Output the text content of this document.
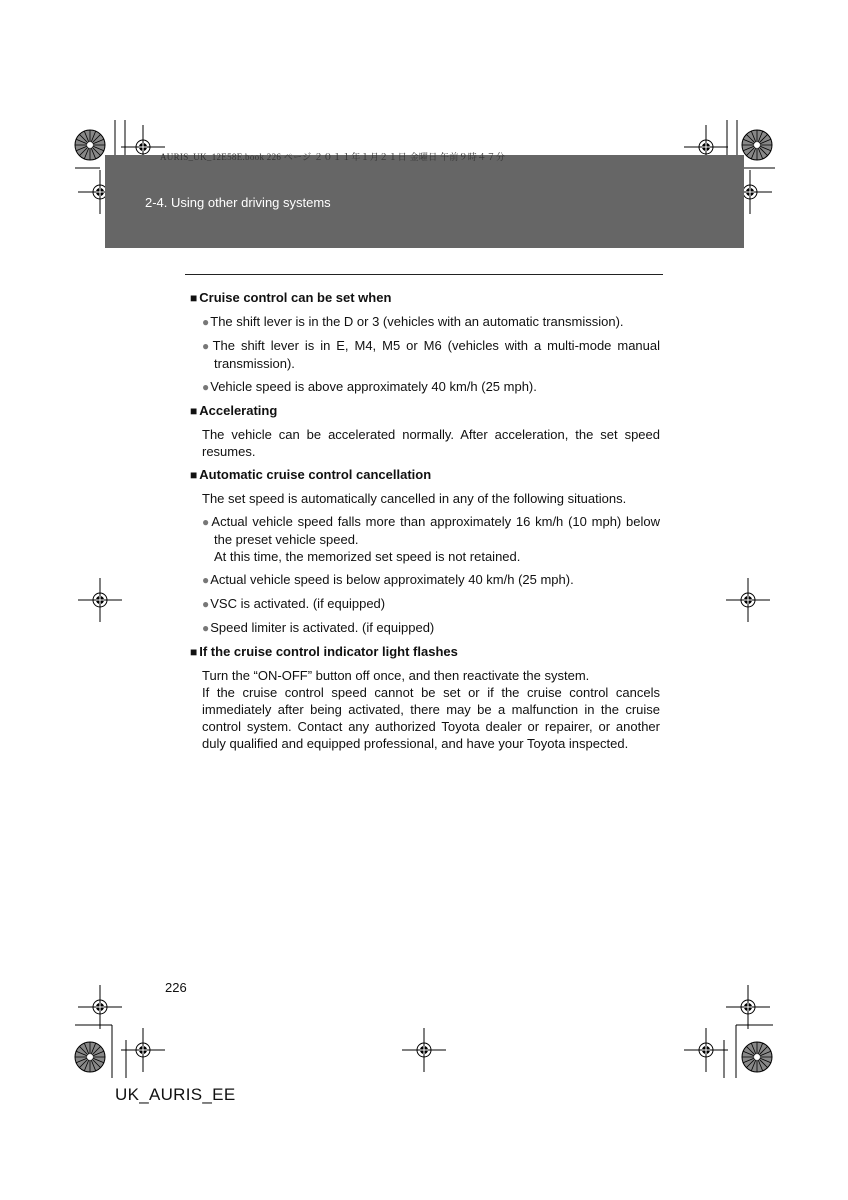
AURIS_UK_12E58E.book 226 ページ ２０１１年１月２１日 金曜日 午前９時４７分
2-4. Using other driving systems
■ Cruise control can be set when
●The shift lever is in the D or 3 (vehicles with an automatic transmission).
●The shift lever is in E, M4, M5 or M6 (vehicles with a multi-mode manual transmission).
●Vehicle speed is above approximately 40 km/h (25 mph).
■ Accelerating
The vehicle can be accelerated normally. After acceleration, the set speed resumes.
■ Automatic cruise control cancellation
The set speed is automatically cancelled in any of the following situations.
●Actual vehicle speed falls more than approximately 16 km/h (10 mph) below the preset vehicle speed.
At this time, the memorized set speed is not retained.
●Actual vehicle speed is below approximately 40 km/h (25 mph).
●VSC is activated. (if equipped)
●Speed limiter is activated. (if equipped)
■ If the cruise control indicator light flashes
Turn the “ON-OFF” button off once, and then reactivate the system.
If the cruise control speed cannot be set or if the cruise control cancels immediately after being activated, there may be a malfunction in the cruise control system. Contact any authorized Toyota dealer or repairer, or another duly qualified and equipped professional, and have your Toyota inspected.
226
UK_AURIS_EE
